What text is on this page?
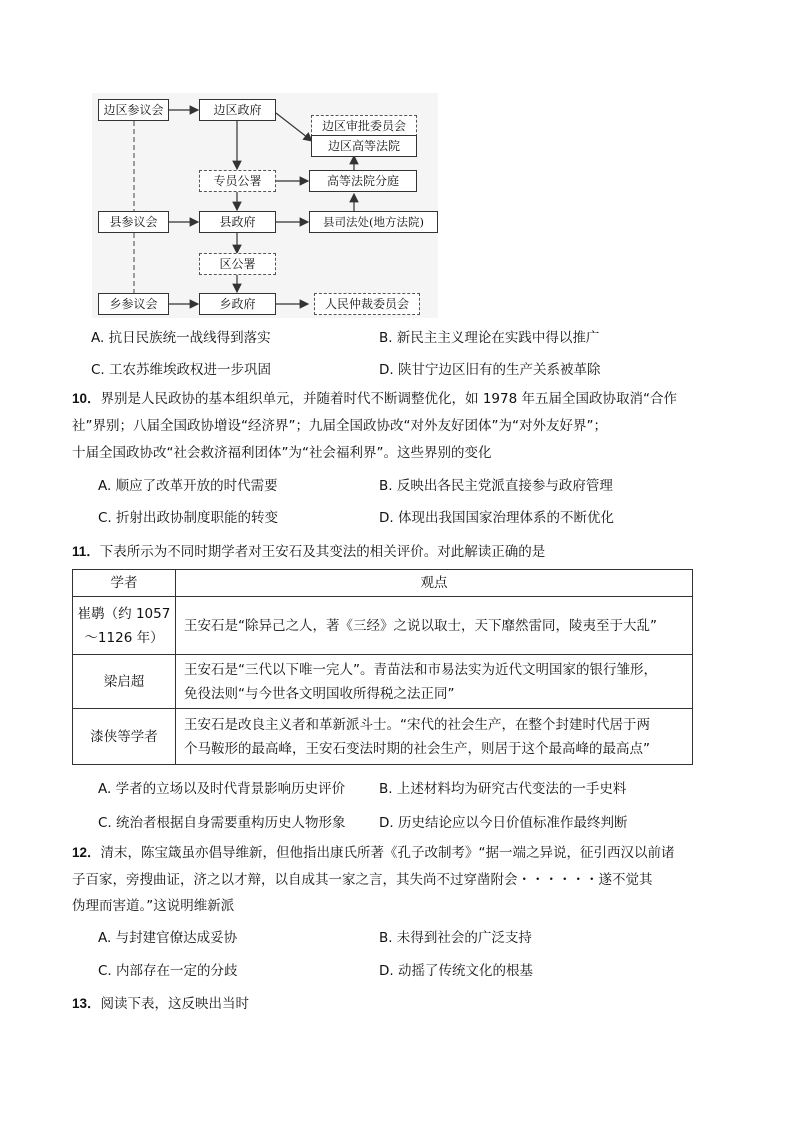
边区参议会	边区政府
边区审批委员会
边区高等法院
专员公署	高等法院分庭
县参议会	县政府	县司法处(地方法院)
区公署
乡参议会	乡政府	人民仲裁委员会
A. 抗日民族统一战线得到落实	B. 新民主主义理论在实践中得以推广
C. 工农苏维埃政权进一步巩固	D. 陕甘宁边区旧有的生产关系被革除
10．界别是人民政协的基本组织单元，并随着时代不断调整优化，如 1978 年五届全国政协取消“合作
社”界别；八届全国政协增设“经济界”；九届全国政协改“对外友好团体”为“对外友好界”；
十届全国政协改“社会救济福利团体”为“社会福利界”。这些界别的变化
A. 顺应了改革开放的时代需要	B. 反映出各民主党派直接参与政府管理
C. 折射出政协制度职能的转变	D. 体现出我国国家治理体系的不断优化
11．下表所示为不同时期学者对王安石及其变法的相关评价。对此解读正确的是
学者	观点

崔鹖（约 1057
～1126 年）	王安石是“除异己之人，著《三经》之说以取士，天下靡然雷同，陵夷至于大乱”

梁启超	王安石是“三代以下唯一完人”。青苗法和市易法实为近代文明国家的银行雏形，
免役法则“与今世各文明国收所得税之法正同”

漆侠等学者	王安石是改良主义者和革新派斗士。“宋代的社会生产，在整个封建时代居于两
个马鞍形的最高峰，王安石变法时期的社会生产，则居于这个最高峰的最高点”
A. 学者的立场以及时代背景影响历史评价	B. 上述材料均为研究古代变法的一手史料
C. 统治者根据自身需要重构历史人物形象 D. 历史结论应以今日价值标准作最终判断
12．清末，陈宝箴虽亦倡导维新，但他指出康氏所著《孔子改制考》“据一端之异说，征引西汉以前诸
子百家，旁搜曲证，济之以才辩，以自成其一家之言，其失尚不过穿凿附会・・・・・・遂不觉其
伪理而害道。”这说明维新派
A. 与封建官僚达成妥协	B. 未得到社会的广泛支持
C. 内部存在一定的分歧	D. 动摇了传统文化的根基
13．阅读下表，这反映出当时
